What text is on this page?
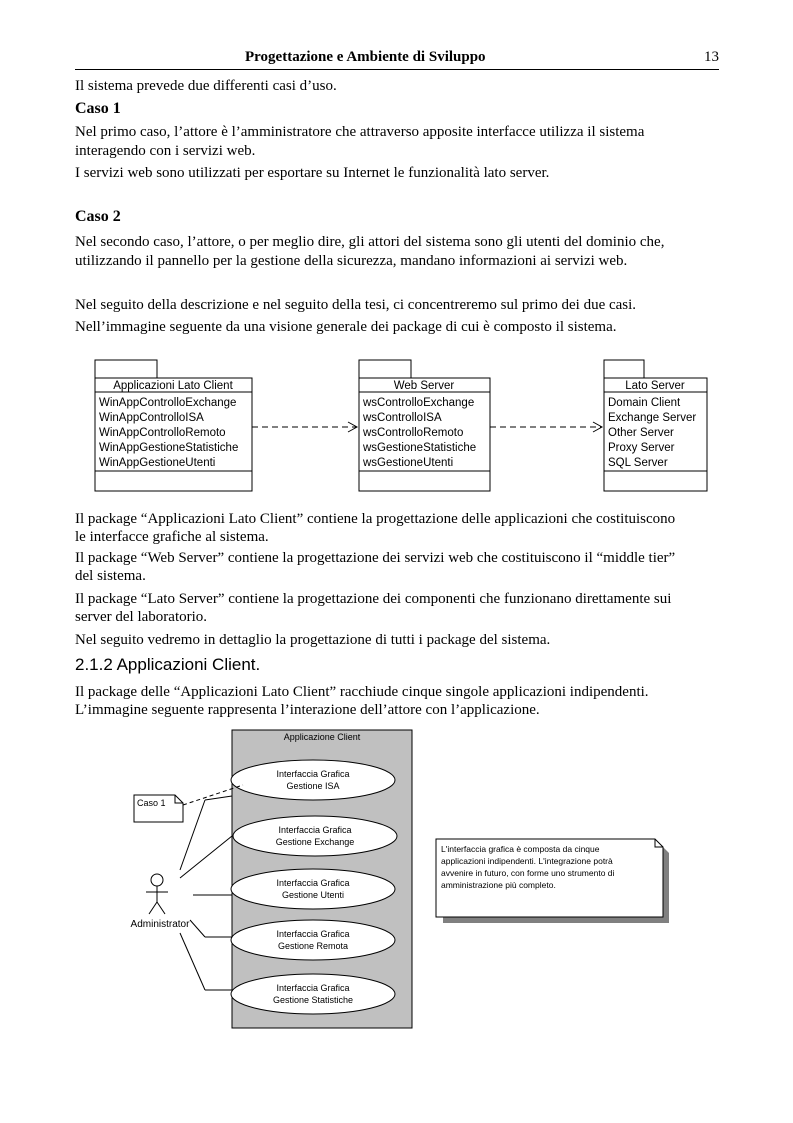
Progettazione e Ambiente di Sviluppo	13
Il sistema prevede due differenti casi d’uso.
Caso 1
Nel primo caso, l’attore è l’amministratore che attraverso apposite interfacce utilizza il sistema
interagendo con i servizi web.
I servizi web sono utilizzati per esportare su Internet le funzionalità lato server.
Caso 2
Nel secondo caso, l’attore, o per meglio dire, gli attori del sistema sono gli utenti del dominio che,
utilizzando il pannello per la gestione della sicurezza, mandano informazioni ai servizi web.
Nel seguito della descrizione e nel seguito della tesi, ci concentreremo sul primo dei due casi.
Nell’immagine seguente da una visione generale dei package di cui è composto il sistema.
Applicazioni Lato Client
WinAppControlloExchange
WinAppControlloISA
WinAppControlloRemoto
WinAppGestioneStatistiche
WinAppGestioneUtenti
Web Server
wsControlloExchange
wsControlloISA
wsControlloRemoto
wsGestioneStatistiche
wsGestioneUtenti
Lato Server
Domain Client
Exchange Server
Other Server
Proxy Server
SQL Server
Il package “Applicazioni Lato Client” contiene la progettazione delle applicazioni che costituiscono
le interfacce grafiche al sistema.
Il package “Web Server” contiene la progettazione dei servizi web che costituiscono il “middle tier”
del sistema.
Il package “Lato Server” contiene la progettazione dei componenti che funzionano direttamente sui
server del laboratorio.
Nel seguito vedremo in dettaglio la progettazione di tutti i package del sistema.
2.1.2 Applicazioni Client.
Il package delle “Applicazioni Lato Client” racchiude cinque singole applicazioni indipendenti.
L’immagine seguente rappresenta l’interazione dell’attore con l’applicazione.
Applicazione Client
Interfaccia Grafica
Gestione ISA
Interfaccia Grafica
Gestione Exchange
Interfaccia Grafica
Gestione Utenti
Interfaccia Grafica
Gestione Remota
Interfaccia Grafica
Gestione Statistiche
Caso 1
Administrator
L'interfaccia grafica è composta da cinque
applicazioni indipendenti. L'integrazione potrà
avvenire in futuro, con forme uno strumento di
amministrazione più completo.
